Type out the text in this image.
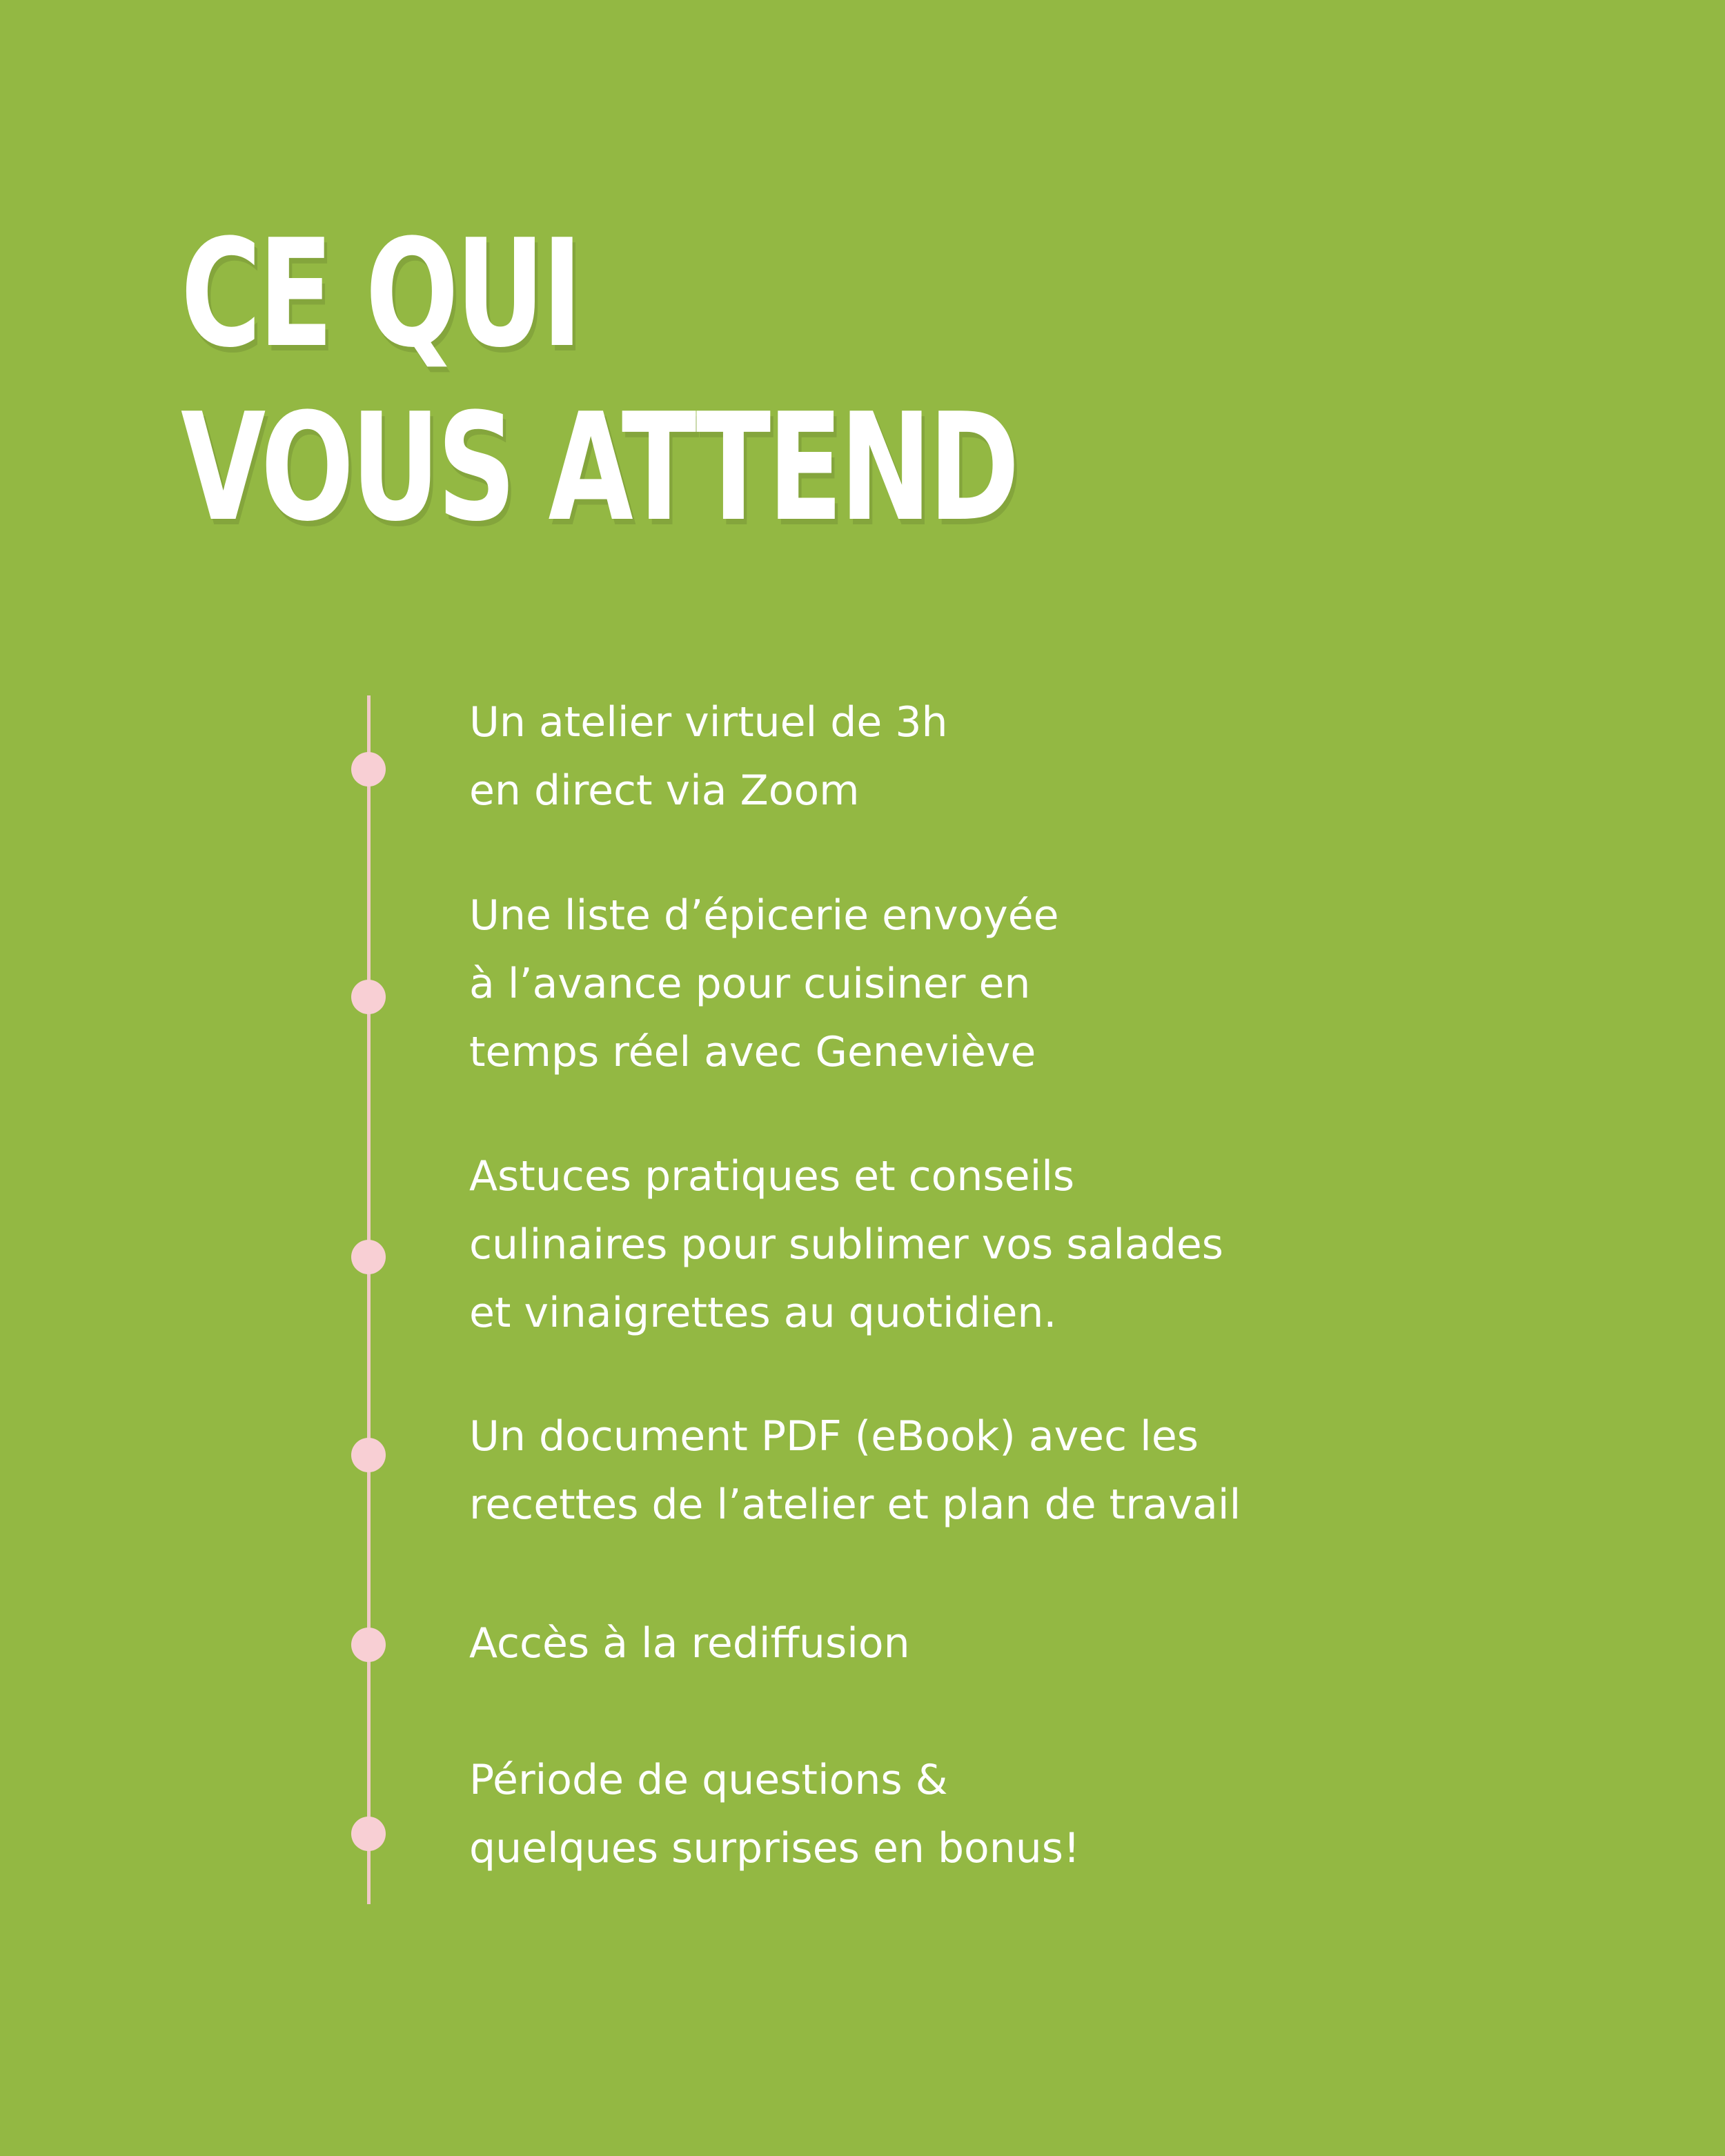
CE QUI
VOUS ATTEND
Un atelier virtuel de 3h
en direct via Zoom
Une liste d’épicerie envoyée
à l’avance pour cuisiner en
temps réel avec Geneviève
Astuces pratiques et conseils
culinaires pour sublimer vos salades
et vinaigrettes au quotidien.
Un document PDF (eBook) avec les
recettes de l’atelier et plan de travail
Accès à la rediffusion
Période de questions &
quelques surprises en bonus!
